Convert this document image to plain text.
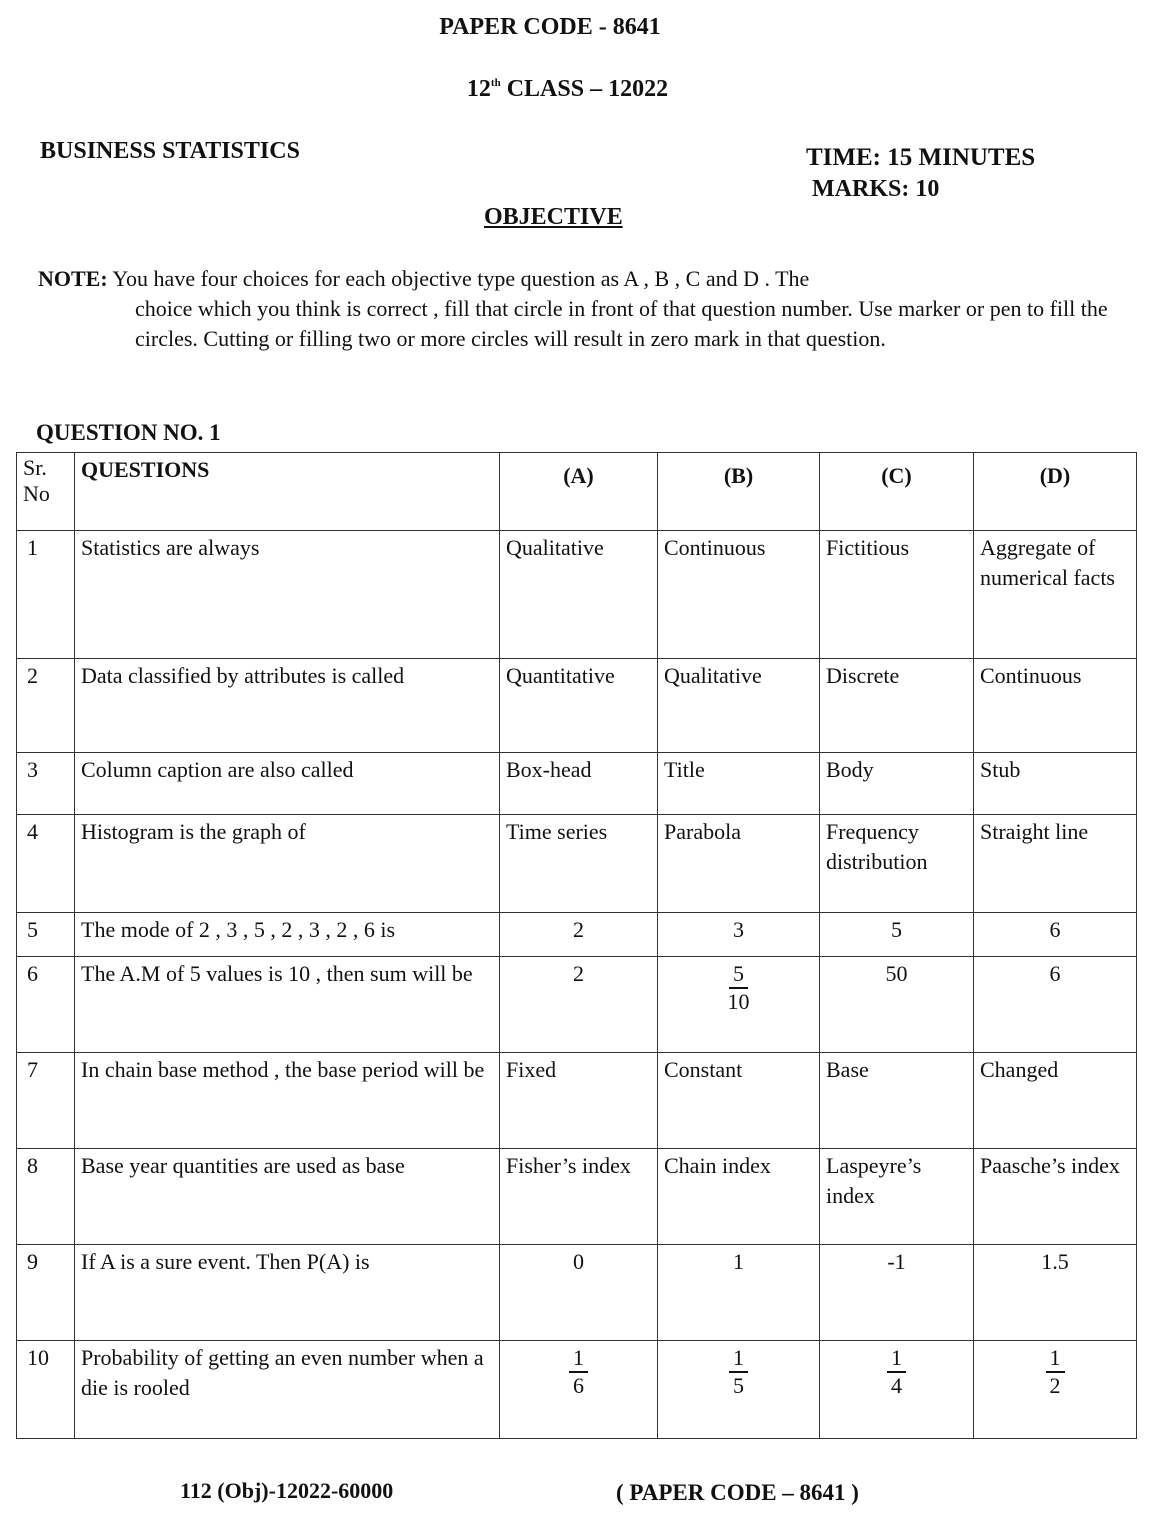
PAPER CODE - 8641
12th CLASS – 12022
BUSINESS STATISTICS	TIME: 15 MINUTES
MARKS: 10
OBJECTIVE
NOTE: You have four choices for each objective type question as A , B , C and D . The
choice which you think is correct , fill that circle in front of that question number. Use marker or pen to fill the circles. Cutting or filling two or more circles will result in zero mark in that question.
QUESTION NO. 1
Sr.
No	QUESTIONS	(A)	(B)	(C)	(D)
1	Statistics are always	Qualitative	Continuous	Fictitious	Aggregate of numerical facts
2	Data classified by attributes is called	Quantitative	Qualitative	Discrete	Continuous
3	Column caption are also called	Box-head	Title	Body	Stub
4	Histogram is the graph of	Time series	Parabola	Frequency distribution	Straight line
5	The mode of 2 , 3 , 5 , 2 , 3 , 2 , 6 is	2	3	5	6
6	The A.M of 5 values is 10 , then sum will be	2	$\frac{5}{10}$	50	6
7	In chain base method , the base period will be	Fixed	Constant	Base	Changed
8	Base year quantities are used as base	Fisher’s index	Chain index	Laspeyre’s index	Paasche’s index
9	If A is a sure event. Then P(A) is	0	1	-1	1.5
10	Probability of getting an even number when a die is rooled	$\frac{1}{6}$	$\frac{1}{5}$	$\frac{1}{4}$	$\frac{1}{2}$
112 (Obj)-12022-60000	( PAPER CODE – 8641 )
